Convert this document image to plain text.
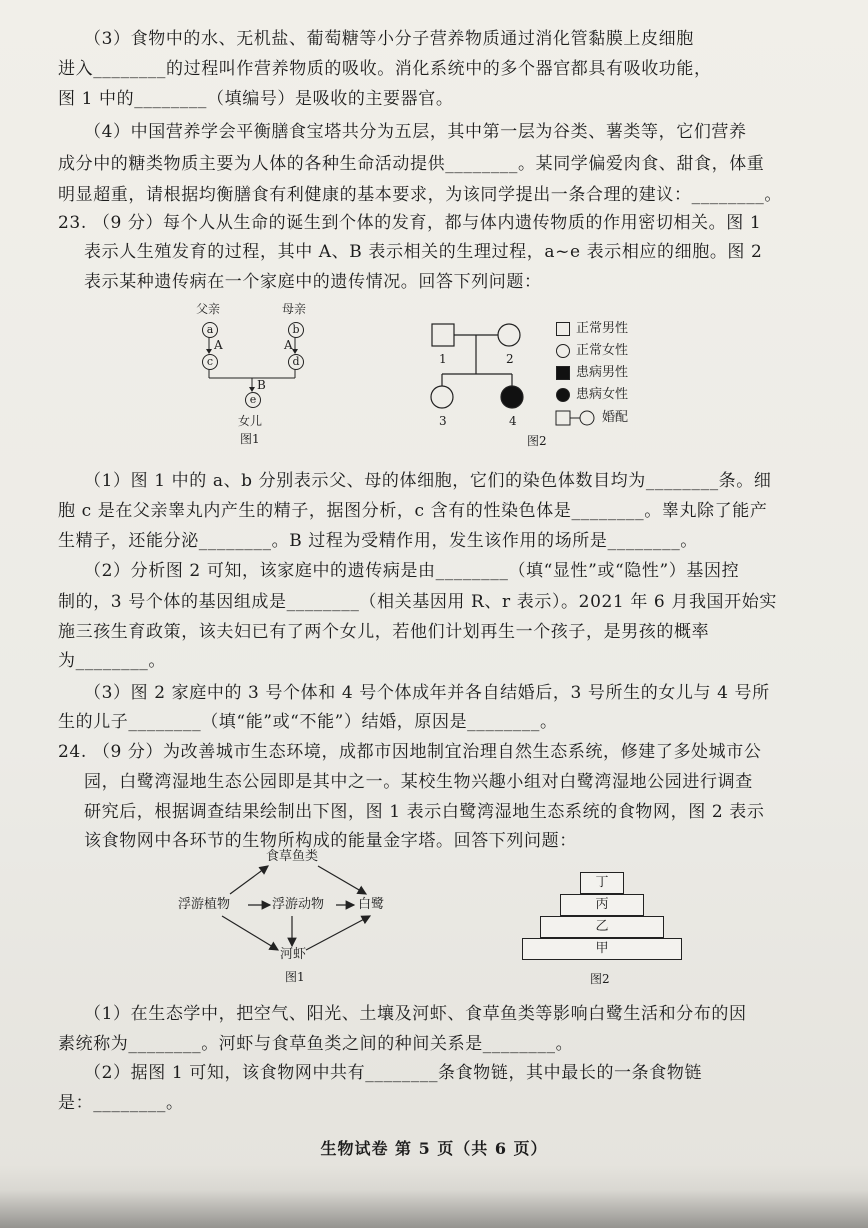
（3）食物中的水、无机盐、葡萄糖等小分子营养物质通过消化管黏膜上皮细胞
进入________的过程叫作营养物质的吸收。消化系统中的多个器官都具有吸收功能，
图 1 中的________（填编号）是吸收的主要器官。
（4）中国营养学会平衡膳食宝塔共分为五层，其中第一层为谷类、薯类等，它们营养
成分中的糖类物质主要为人体的各种生命活动提供________。某同学偏爱肉食、甜食，体重
明显超重，请根据均衡膳食有利健康的基本要求，为该同学提出一条合理的建议：________。
23. （9 分）每个人从生命的诞生到个体的发育，都与体内遗传物质的作用密切相关。图 1
表示人生殖发育的过程，其中 A、B 表示相关的生理过程，a~e 表示相应的细胞。图 2
表示某种遗传病在一个家庭中的遗传情况。回答下列问题：
父亲	母亲
a	b
A	A
c	d
B
e
女儿
图1
1	2
3	4
图2
正常男性
正常女性
患病男性
患病女性
婚配
（1）图 1 中的 a、b 分别表示父、母的体细胞，它们的染色体数目均为________条。细
胞 c 是在父亲睾丸内产生的精子，据图分析，c 含有的性染色体是________。睾丸除了能产
生精子，还能分泌________。B 过程为受精作用，发生该作用的场所是________。
（2）分析图 2 可知，该家庭中的遗传病是由________（填“显性”或“隐性”）基因控
制的，3 号个体的基因组成是________（相关基因用 R、r 表示）。2021 年 6 月我国开始实
施三孩生育政策，该夫妇已有了两个女儿，若他们计划再生一个孩子，是男孩的概率
为________。
（3）图 2 家庭中的 3 号个体和 4 号个体成年并各自结婚后，3 号所生的女儿与 4 号所
生的儿子________（填“能”或“不能”）结婚，原因是________。
24. （9 分）为改善城市生态环境，成都市因地制宜治理自然生态系统，修建了多处城市公
园，白鹭湾湿地生态公园即是其中之一。某校生物兴趣小组对白鹭湾湿地公园进行调查
研究后，根据调查结果绘制出下图，图 1 表示白鹭湾湿地生态系统的食物网，图 2 表示
该食物网中各环节的生物所构成的能量金字塔。回答下列问题：
食草鱼类
浮游植物	浮游动物	白鹭
河虾
图1
丁
丙
乙
甲
图2
（1）在生态学中，把空气、阳光、土壤及河虾、食草鱼类等影响白鹭生活和分布的因
素统称为________。河虾与食草鱼类之间的种间关系是________。
（2）据图 1 可知，该食物网中共有________条食物链，其中最长的一条食物链
是：________。
生物试卷 第 5 页（共 6 页）
